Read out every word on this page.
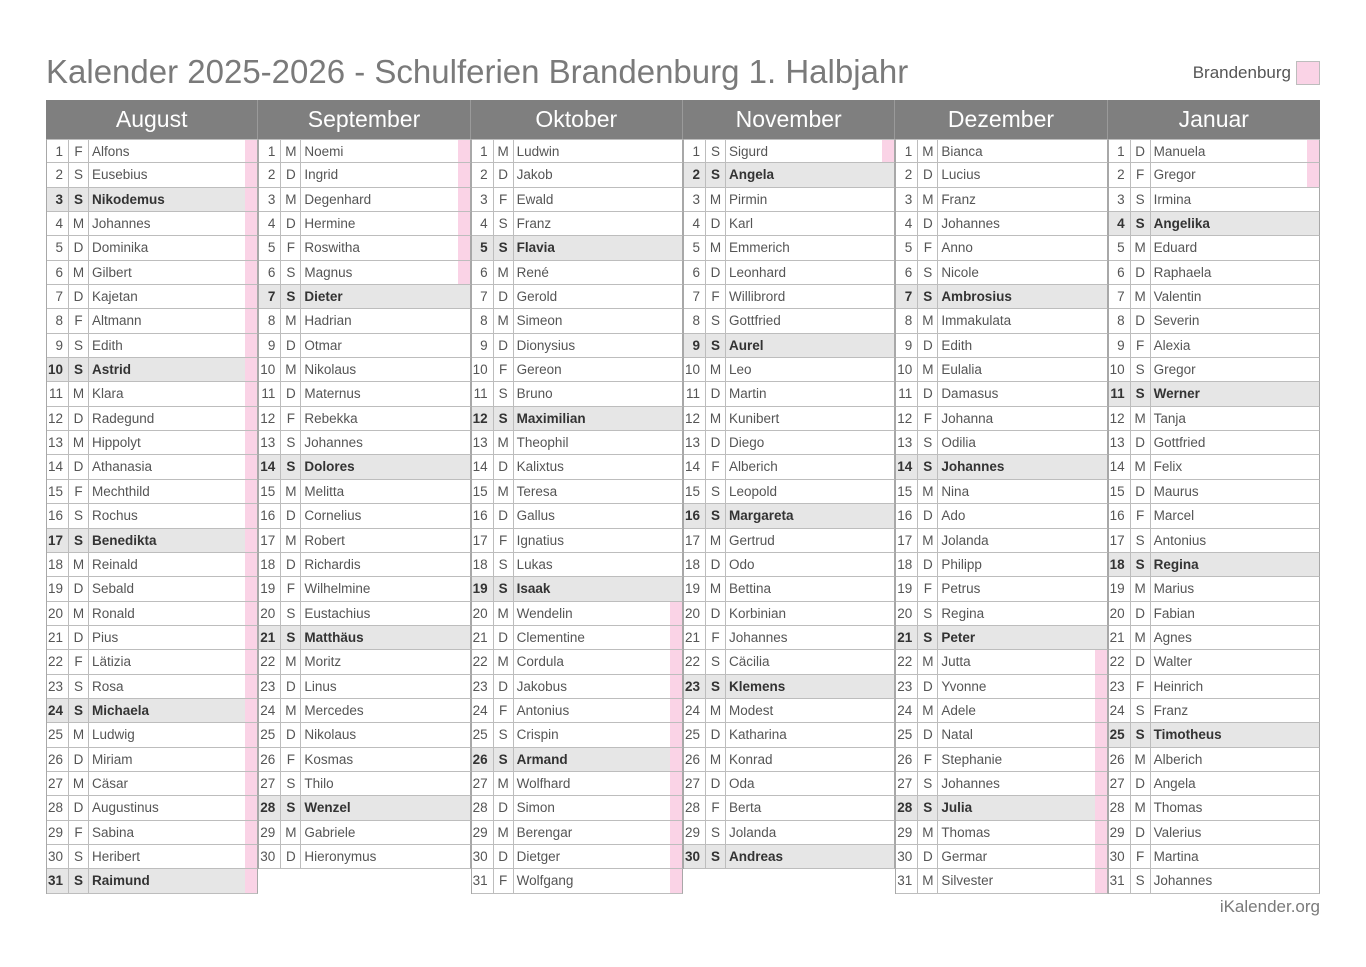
Kalender 2025-2026 - Schulferien Brandenburg 1. Halbjahr	Brandenburg
August
1 F Alfons
2 S Eusebius
3 S Nikodemus
4 M Johannes
5 D Dominika
6 M Gilbert
7 D Kajetan
8 F Altmann
9 S Edith
10 S Astrid
11 M Klara
12 D Radegund
13 M Hippolyt
14 D Athanasia
15 F Mechthild
16 S Rochus
17 S Benedikta
18 M Reinald
19 D Sebald
20 M Ronald
21 D Pius
22 F Lätizia
23 S Rosa
24 S Michaela
25 M Ludwig
26 D Miriam
27 M Cäsar
28 D Augustinus
29 F Sabina
30 S Heribert
31 S Raimund
September
1 M Noemi
2 D Ingrid
3 M Degenhard
4 D Hermine
5 F Roswitha
6 S Magnus
7 S Dieter
8 M Hadrian
9 D Otmar
10 M Nikolaus
11 D Maternus
12 F Rebekka
13 S Johannes
14 S Dolores
15 M Melitta
16 D Cornelius
17 M Robert
18 D Richardis
19 F Wilhelmine
20 S Eustachius
21 S Matthäus
22 M Moritz
23 D Linus
24 M Mercedes
25 D Nikolaus
26 F Kosmas
27 S Thilo
28 S Wenzel
29 M Gabriele
30 D Hieronymus
Oktober
1 M Ludwin
2 D Jakob
3 F Ewald
4 S Franz
5 S Flavia
6 M René
7 D Gerold
8 M Simeon
9 D Dionysius
10 F Gereon
11 S Bruno
12 S Maximilian
13 M Theophil
14 D Kalixtus
15 M Teresa
16 D Gallus
17 F Ignatius
18 S Lukas
19 S Isaak
20 M Wendelin
21 D Clementine
22 M Cordula
23 D Jakobus
24 F Antonius
25 S Crispin
26 S Armand
27 M Wolfhard
28 D Simon
29 M Berengar
30 D Dietger
31 F Wolfgang
November
1 S Sigurd
2 S Angela
3 M Pirmin
4 D Karl
5 M Emmerich
6 D Leonhard
7 F Willibrord
8 S Gottfried
9 S Aurel
10 M Leo
11 D Martin
12 M Kunibert
13 D Diego
14 F Alberich
15 S Leopold
16 S Margareta
17 M Gertrud
18 D Odo
19 M Bettina
20 D Korbinian
21 F Johannes
22 S Cäcilia
23 S Klemens
24 M Modest
25 D Katharina
26 M Konrad
27 D Oda
28 F Berta
29 S Jolanda
30 S Andreas
Dezember
1 M Bianca
2 D Lucius
3 M Franz
4 D Johannes
5 F Anno
6 S Nicole
7 S Ambrosius
8 M Immakulata
9 D Edith
10 M Eulalia
11 D Damasus
12 F Johanna
13 S Odilia
14 S Johannes
15 M Nina
16 D Ado
17 M Jolanda
18 D Philipp
19 F Petrus
20 S Regina
21 S Peter
22 M Jutta
23 D Yvonne
24 M Adele
25 D Natal
26 F Stephanie
27 S Johannes
28 S Julia
29 M Thomas
30 D Germar
31 M Silvester
Januar
1 D Manuela
2 F Gregor
3 S Irmina
4 S Angelika
5 M Eduard
6 D Raphaela
7 M Valentin
8 D Severin
9 F Alexia
10 S Gregor
11 S Werner
12 M Tanja
13 D Gottfried
14 M Felix
15 D Maurus
16 F Marcel
17 S Antonius
18 S Regina
19 M Marius
20 D Fabian
21 M Agnes
22 D Walter
23 F Heinrich
24 S Franz
25 S Timotheus
26 M Alberich
27 D Angela
28 M Thomas
29 D Valerius
30 F Martina
31 S Johannes
iKalender.org
